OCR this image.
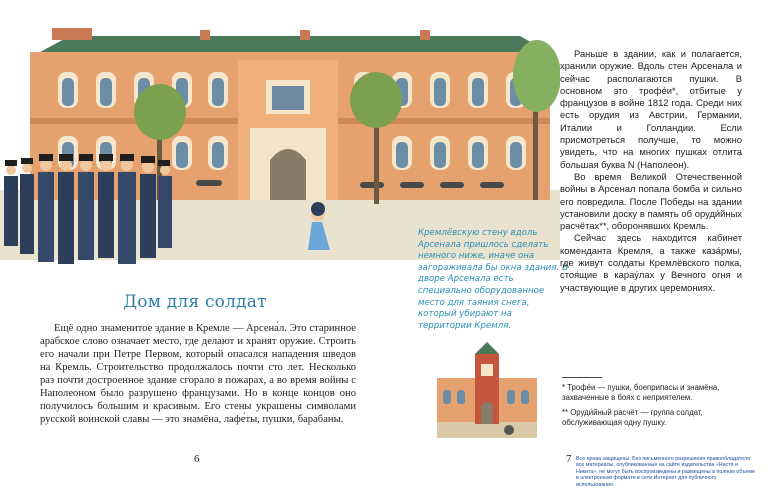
Кремлёвскую стену вдоль Арсенала пришлось сделать немного ниже, иначе она загораживала бы окна здания. В дворе Арсенала есть специально оборудованное место для таяния снега, который убирают на территории Кремля.

Дом для солдат

Ещё одно знаменитое здание в Кремле — Арсена́л. Это старинное арабское слово означает место, где делают и хранят оружие. Строить его начали при Петре Первом, который опасался нападения шведов на Кремль. Строительство продолжалось почти сто лет. Несколько раз почти достроенное здание сгорало в пожарах, а во время войны с Наполеоном было разрушено французами. Но в конце концов оно получилось большим и красивым. Его стены украшены символами русской воинской славы — это знамёна, лафе́ты, пушки, барабаны.

6

Раньше в здании, как и полагается, хранили оружие. Вдоль стен Арсенала и сейчас располагаются пушки. В основном это трофе́и*, отбитые у французов в войне 1812 года. Среди них есть орудия из Австрии, Германии, Италии и Голландии. Если присмотреться получше, то можно увидеть, что на многих пушках отлита большая буква N (Наполеон).

Во время Великой Отечественной войны в Арсенал попала бомба и сильно его повредила. После Победы на здании установили доску в память об оруди́йных расчётах**, оборонявших Кремль.

Сейчас здесь находится кабинет коменданта Кремля, а также каза́рмы, где живут солдаты Кремлёвского полка, стоя́щие в карау́лах у Вечного огня и участвующие в других церемониях.

* Трофе́и — пушки, боеприпасы и знамёна, захваченные в боях с неприятелем.

** Оруди́йный расчёт — группа солдат, обслуживающая одну пушку.

7 Все права защищены. Без письменного разрешения правообладателя все материалы, опубликованные на сайте издательства «Настя и Никита», не могут быть воспроизведены и размещены в полном объеме в электронном формате в сети Интернет для публичного использования.
